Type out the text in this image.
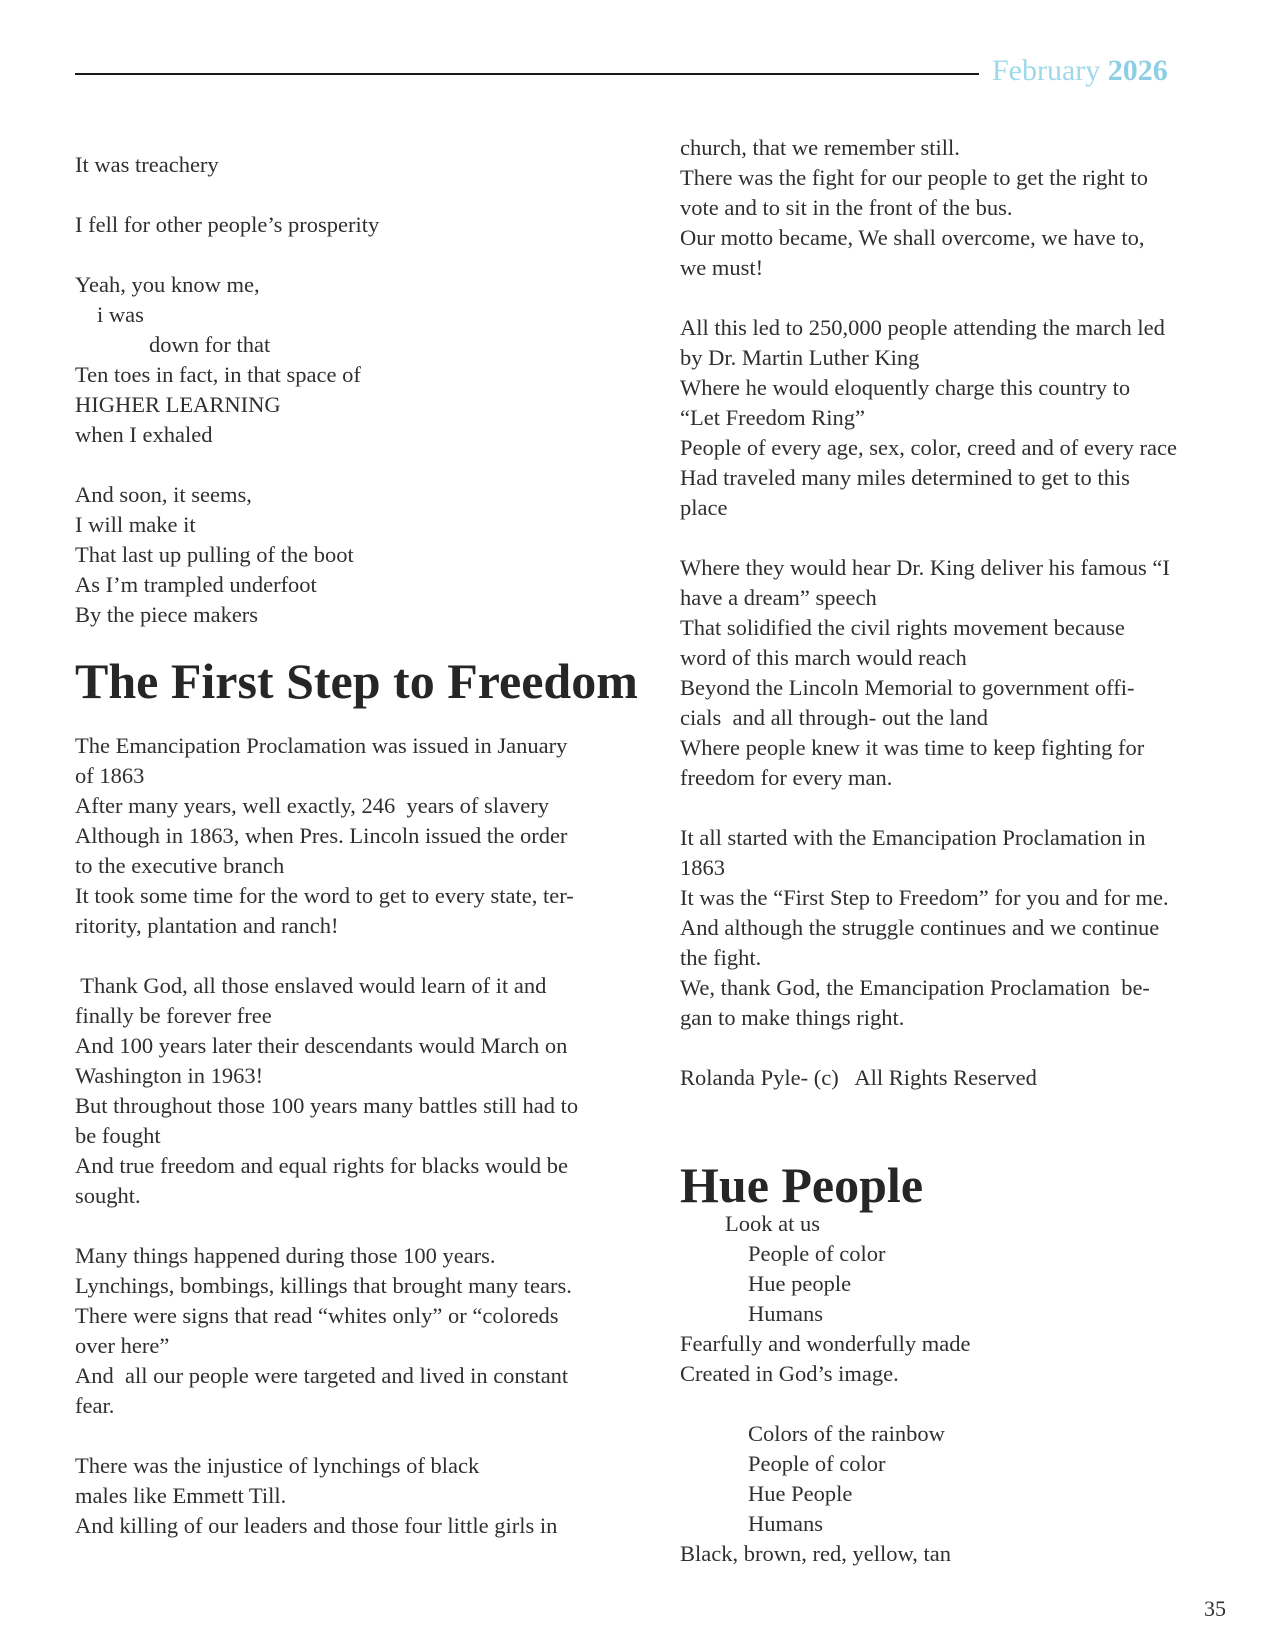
February 2026
It was treachery
I fell for other people’s prosperity
Yeah, you know me,
i was
down for that
Ten toes in fact, in that space of
HIGHER LEARNING
when I exhaled
And soon, it seems,
I will make it
That last up pulling of the boot
As I’m trampled underfoot
By the piece makers
The First Step to Freedom
The Emancipation Proclamation was issued in January
of 1863
After many years, well exactly, 246  years of slavery
Although in 1863, when Pres. Lincoln issued the order
to the executive branch
It took some time for the word to get to every state, ter-
ritority, plantation and ranch!
Thank God, all those enslaved would learn of it and
finally be forever free
And 100 years later their descendants would March on
Washington in 1963!
But throughout those 100 years many battles still had to
be fought
And true freedom and equal rights for blacks would be
sought.
Many things happened during those 100 years.
Lynchings, bombings, killings that brought many tears.
There were signs that read “whites only” or “coloreds
over here”
And  all our people were targeted and lived in constant
fear.
There was the injustice of lynchings of black
males like Emmett Till.
And killing of our leaders and those four little girls in
church, that we remember still.
There was the fight for our people to get the right to
vote and to sit in the front of the bus.
Our motto became, We shall overcome, we have to,
we must!
All this led to 250,000 people attending the march led
by Dr. Martin Luther King
Where he would eloquently charge this country to
“Let Freedom Ring”
People of every age, sex, color, creed and of every race
Had traveled many miles determined to get to this
place
Where they would hear Dr. King deliver his famous “I
have a dream” speech
That solidified the civil rights movement because
word of this march would reach
Beyond the Lincoln Memorial to government offi-
cials  and all through- out the land
Where people knew it was time to keep fighting for
freedom for every man.
It all started with the Emancipation Proclamation in
1863
It was the “First Step to Freedom” for you and for me.
And although the struggle continues and we continue
the fight.
We, thank God, the Emancipation Proclamation  be-
gan to make things right.
Rolanda Pyle- (c)   All Rights Reserved
Hue People
Look at us
People of color
Hue people
Humans
Fearfully and wonderfully made
Created in God’s image.
Colors of the rainbow
People of color
Hue People
Humans
Black, brown, red, yellow, tan
35
